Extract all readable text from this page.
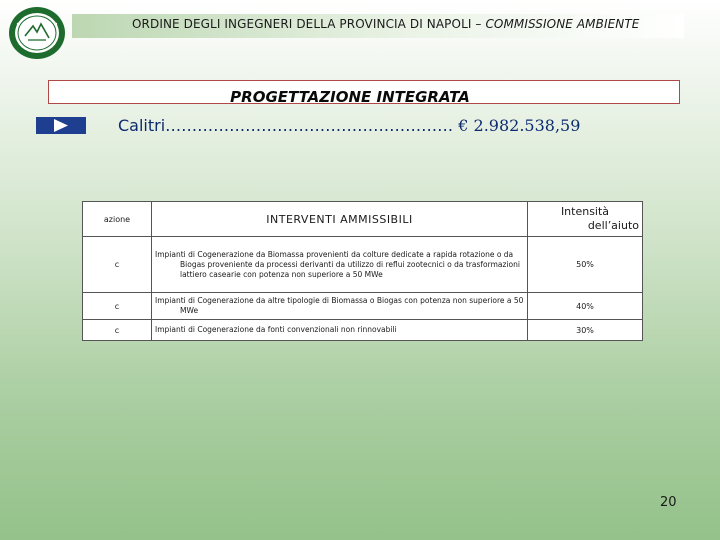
ORDINE DEGLI INGEGNERI DELLA PROVINCIA DI NAPOLI – COMMISSIONE AMBIENTE
PROGETTAZIONE INTEGRATA
Calitri……………………………………………… € 2.982.538,59
azione	INTERVENTI AMMISSIBILI	Intensità
dell’aiuto

c	Impianti di Cogenerazione da Biomassa provenienti da colture dedicate a rapida rotazione o da Biogas proveniente da processi derivanti da utilizzo di reflui zootecnici o da trasformazioni lattiero casearie con potenza non superiore a 50 MWe	50%
c	Impianti di Cogenerazione da altre tipologie di Biomassa o Biogas con potenza non superiore a 50 MWe	40%
c	Impianti di Cogenerazione da fonti convenzionali non rinnovabili	30%
20
